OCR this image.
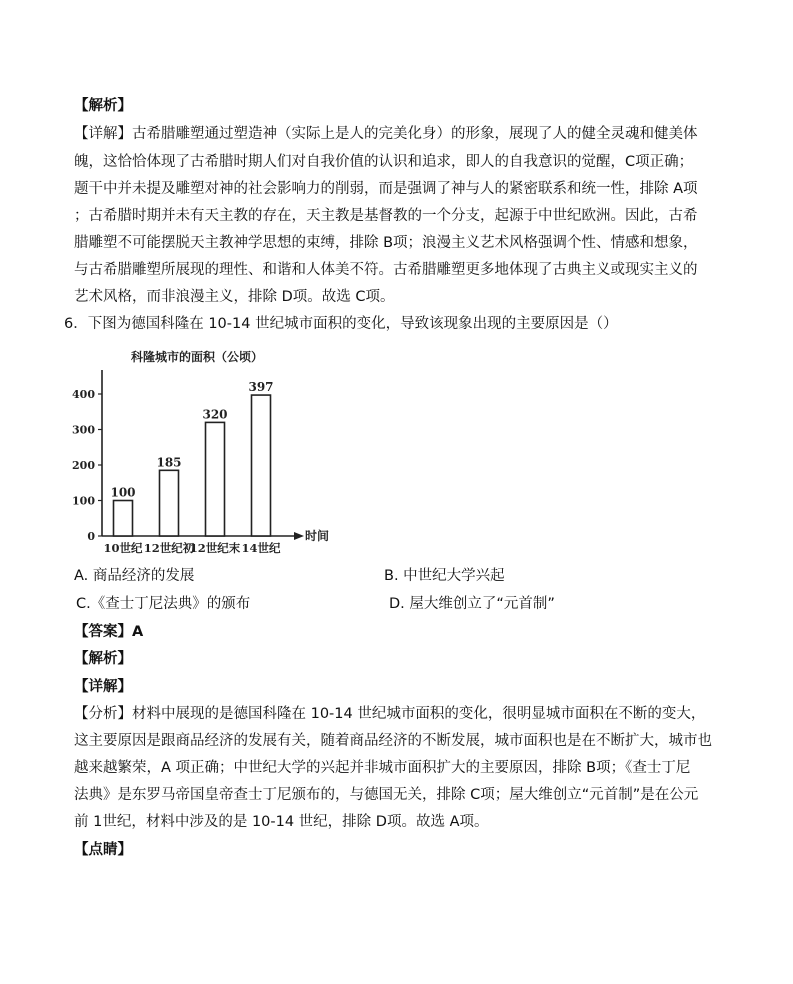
【解析】
【详解】古希腊雕塑通过塑造神（实际上是人的完美化身）的形象，展现了人的健全灵魂和健美体
魄，这恰恰体现了古希腊时期人们对自我价值的认识和追求，即人的自我意识的觉醒，C项正确；
题干中并未提及雕塑对神的社会影响力的削弱，而是强调了神与人的紧密联系和统一性，排除 A项
；古希腊时期并未有天主教的存在，天主教是基督教的一个分支，起源于中世纪欧洲。因此，古希
腊雕塑不可能摆脱天主教神学思想的束缚，排除 B项；浪漫主义艺术风格强调个性、情感和想象，
与古希腊雕塑所展现的理性、和谐和人体美不符。古希腊雕塑更多地体现了古典主义或现实主义的
艺术风格，而非浪漫主义，排除 D项。故选 C项。
6．下图为德国科隆在 10-14 世纪城市面积的变化，导致该现象出现的主要原因是（）
科隆城市的面积（公顷）
时间
0
100
200
300
400
100
10世纪
185
12世纪初
320
12世纪末
397
14世纪
A. 商品经济的发展	B. 中世纪大学兴起
C.《查士丁尼法典》的颁布	D. 屋大维创立了“元首制”
【答案】A
【解析】
【详解】
【分析】材料中展现的是德国科隆在 10-14 世纪城市面积的变化，很明显城市面积在不断的变大，
这主要原因是跟商品经济的发展有关，随着商品经济的不断发展，城市面积也是在不断扩大，城市也
越来越繁荣，A 项正确；中世纪大学的兴起并非城市面积扩大的主要原因，排除 B项；《查士丁尼
法典》是东罗马帝国皇帝查士丁尼颁布的，与德国无关，排除 C项；屋大维创立“元首制”是在公元
前 1世纪，材料中涉及的是 10-14 世纪，排除 D项。故选 A项。
【点睛】
